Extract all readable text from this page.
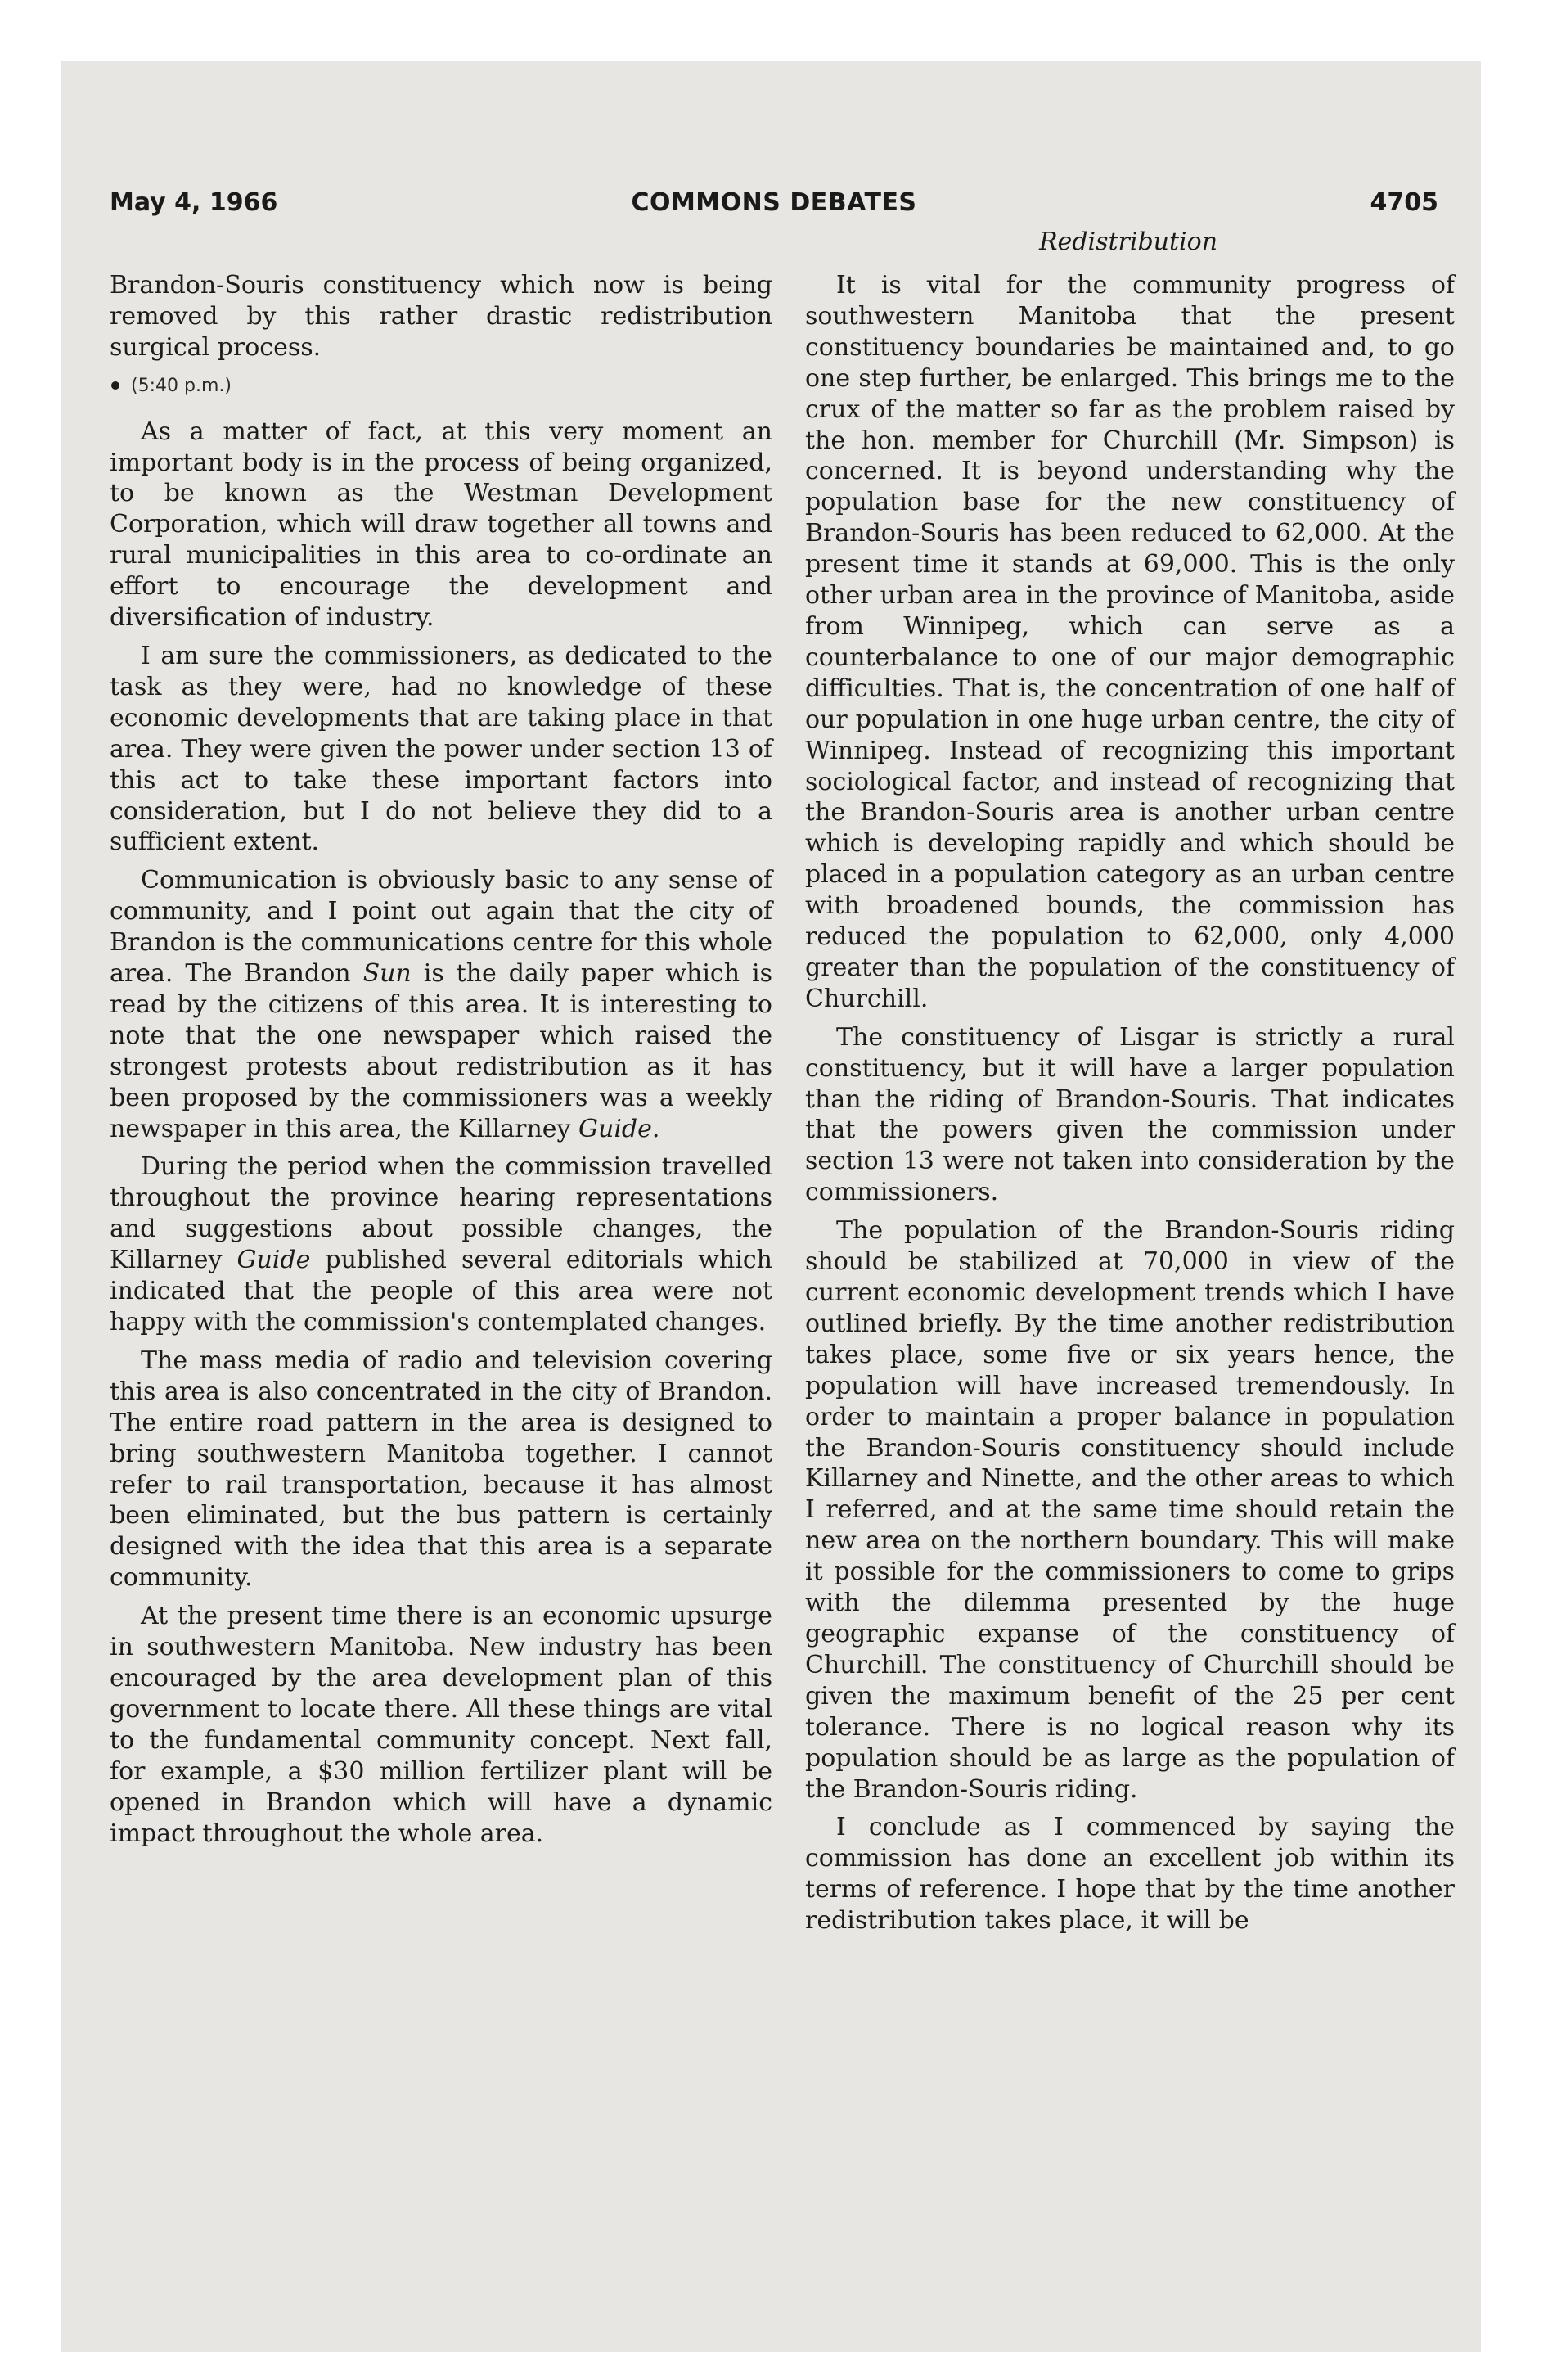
May 4, 1966	COMMONS DEBATES	4705
Redistribution

Brandon-Souris constituency which now is being removed by this rather drastic redistribution surgical process.

(5:40 p.m.)

As a matter of fact, at this very moment an important body is in the process of being organized, to be known as the Westman Development Corporation, which will draw together all towns and rural municipalities in this area to co-ordinate an effort to encourage the development and diversification of industry.

I am sure the commissioners, as dedicated to the task as they were, had no knowledge of these economic developments that are taking place in that area. They were given the power under section 13 of this act to take these important factors into consideration, but I do not believe they did to a sufficient extent.

Communication is obviously basic to any sense of community, and I point out again that the city of Brandon is the communications centre for this whole area. The Brandon Sun is the daily paper which is read by the citizens of this area. It is interesting to note that the one newspaper which raised the strongest protests about redistribution as it has been proposed by the commissioners was a weekly newspaper in this area, the Killarney Guide.

During the period when the commission travelled throughout the province hearing representations and suggestions about possible changes, the Killarney Guide published several editorials which indicated that the people of this area were not happy with the commission's contemplated changes.

The mass media of radio and television covering this area is also concentrated in the city of Brandon. The entire road pattern in the area is designed to bring southwestern Manitoba together. I cannot refer to rail transportation, because it has almost been eliminated, but the bus pattern is certainly designed with the idea that this area is a separate community.

At the present time there is an economic upsurge in southwestern Manitoba. New industry has been encouraged by the area development plan of this government to locate there. All these things are vital to the fundamental community concept. Next fall, for example, a $30 million fertilizer plant will be opened in Brandon which will have a dynamic impact throughout the whole area.

It is vital for the community progress of southwestern Manitoba that the present constituency boundaries be maintained and, to go one step further, be enlarged. This brings me to the crux of the matter so far as the problem raised by the hon. member for Churchill (Mr. Simpson) is concerned. It is beyond understanding why the population base for the new constituency of Brandon-Souris has been reduced to 62,000. At the present time it stands at 69,000. This is the only other urban area in the province of Manitoba, aside from Winnipeg, which can serve as a counterbalance to one of our major demographic difficulties. That is, the concentration of one half of our population in one huge urban centre, the city of Winnipeg. Instead of recognizing this important sociological factor, and instead of recognizing that the Brandon-Souris area is another urban centre which is developing rapidly and which should be placed in a population category as an urban centre with broadened bounds, the commission has reduced the population to 62,000, only 4,000 greater than the population of the constituency of Churchill.

The constituency of Lisgar is strictly a rural constituency, but it will have a larger population than the riding of Brandon-Souris. That indicates that the powers given the commission under section 13 were not taken into consideration by the commissioners.

The population of the Brandon-Souris riding should be stabilized at 70,000 in view of the current economic development trends which I have outlined briefly. By the time another redistribution takes place, some five or six years hence, the population will have increased tremendously. In order to maintain a proper balance in population the Brandon-Souris constituency should include Killarney and Ninette, and the other areas to which I referred, and at the same time should retain the new area on the northern boundary. This will make it possible for the commissioners to come to grips with the dilemma presented by the huge geographic expanse of the constituency of Churchill. The constituency of Churchill should be given the maximum benefit of the 25 per cent tolerance. There is no logical reason why its population should be as large as the population of the Brandon-Souris riding.

I conclude as I commenced by saying the commission has done an excellent job within its terms of reference. I hope that by the time another redistribution takes place, it will be
